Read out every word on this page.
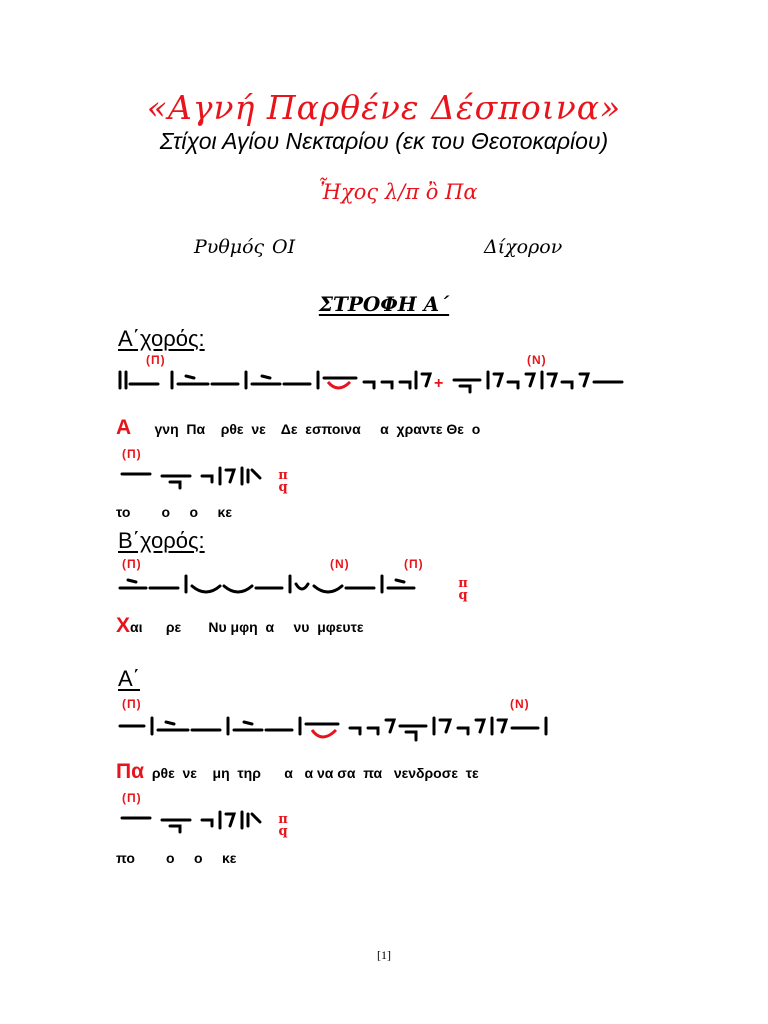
«Αγνή Παρθένε Δέσποινα»
Στίχοι Αγίου Νεκταρίου (εκ του Θεοτοκαρίου)
Ἦχος λ/π ὂ Πα
Ρυθμός ΟΙ	Δίχορον
ΣΤΡΟΦΗ Α΄
Α΄χορός:
(Π)	(Ν)
+
Α      γνη  Πα    ρθε  νε    Δε  εσποινα     α  χραντε Θε  ο
(Π)
π
q
το        ο     ο     κε
Β΄χορός:
(Π)	(Ν)	(Π)
π
q
Χαι      ρε       Νυ μφη  α     νυ  μφευτε
Α΄
(Π)	(Ν)
Πα  ρθε  νε    μη  τηρ      α   α να σα  πα   νενδροσε  τε
(Π)
π
q
πο        ο     ο     κε
[1]
